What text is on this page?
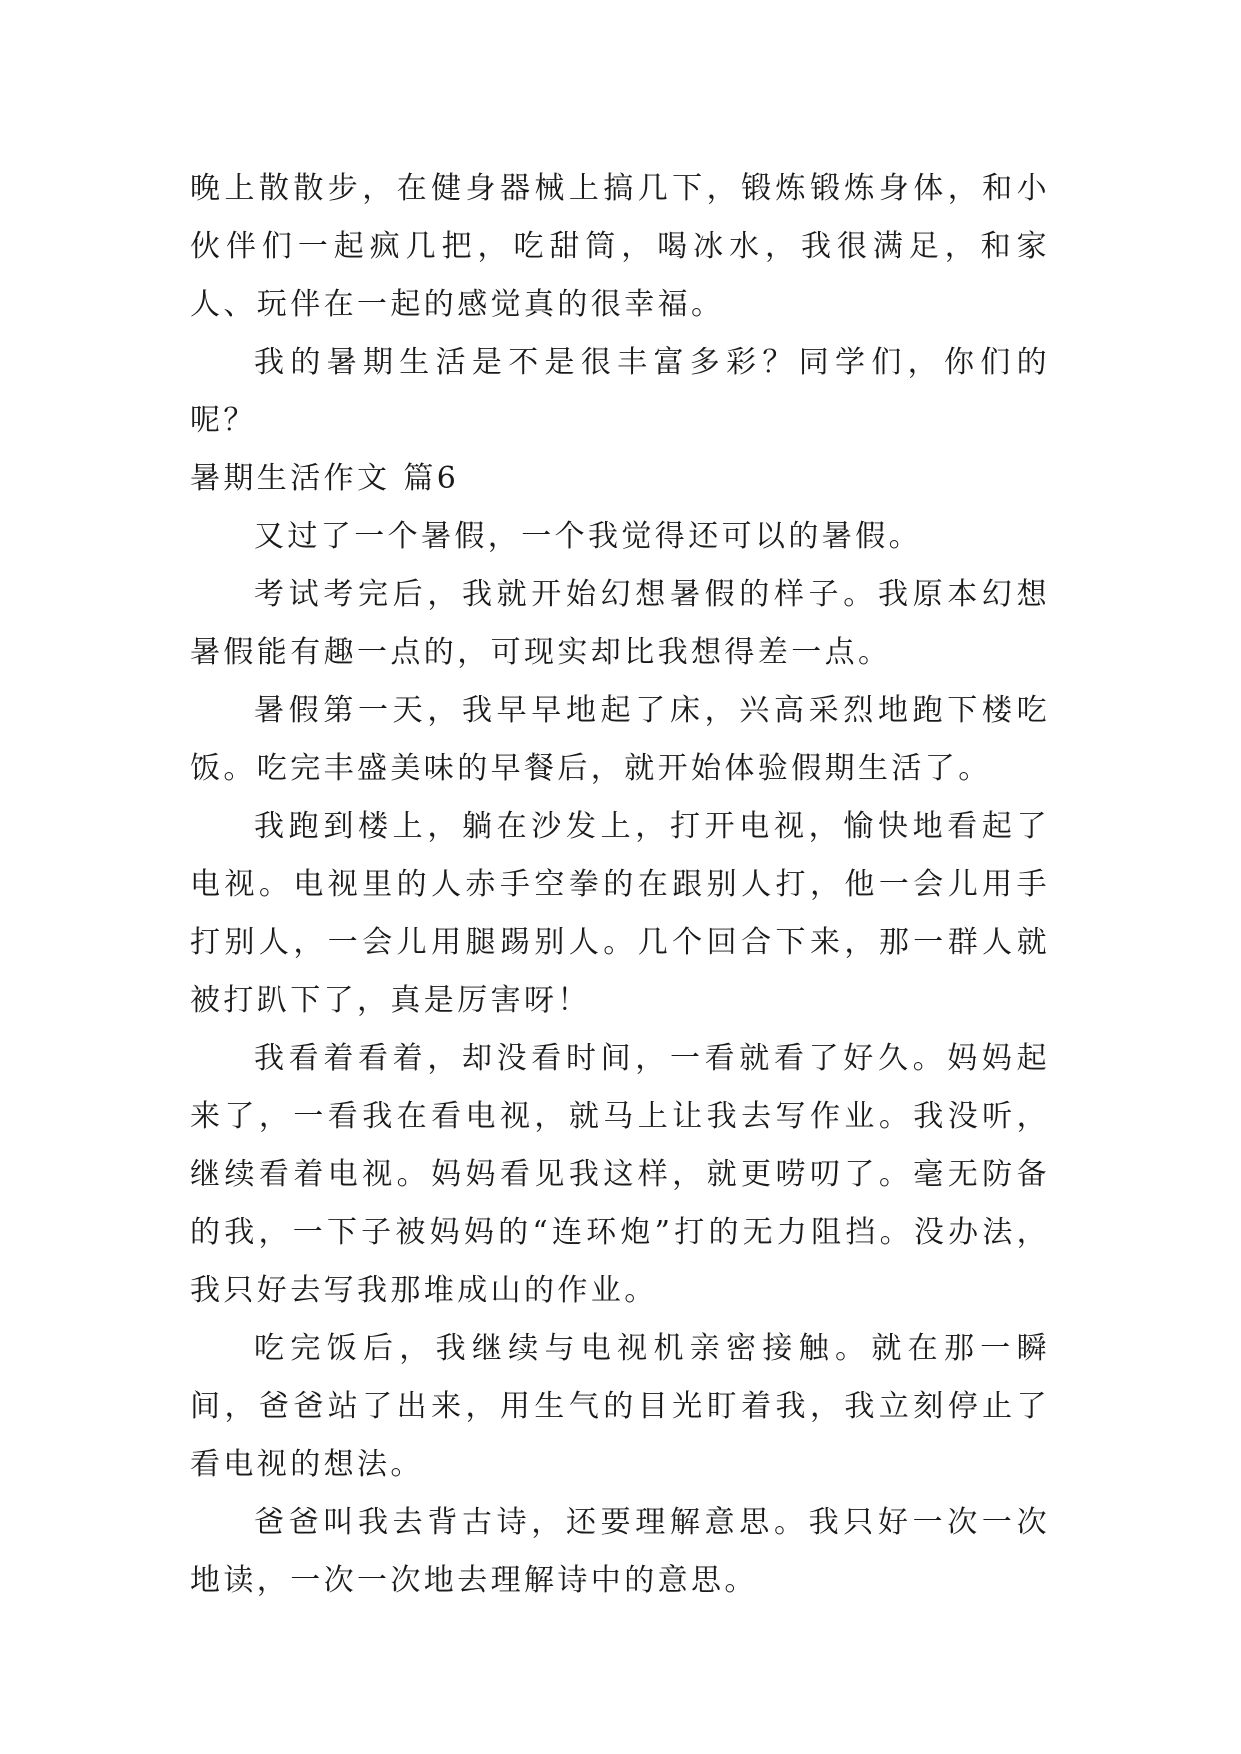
晚上散散步，在健身器械上搞几下，锻炼锻炼身体，和小伙伴们一起疯几把，吃甜筒，喝冰水，我很满足，和家人、玩伴在一起的感觉真的很幸福。

我的暑期生活是不是很丰富多彩？同学们，你们的呢？

暑期生活作文 篇6

又过了一个暑假，一个我觉得还可以的暑假。

考试考完后，我就开始幻想暑假的样子。我原本幻想暑假能有趣一点的，可现实却比我想得差一点。

暑假第一天，我早早地起了床，兴高采烈地跑下楼吃饭。吃完丰盛美味的早餐后，就开始体验假期生活了。

我跑到楼上，躺在沙发上，打开电视，愉快地看起了电视。电视里的人赤手空拳的在跟别人打，他一会儿用手打别人，一会儿用腿踢别人。几个回合下来，那一群人就被打趴下了，真是厉害呀！

我看着看着，却没看时间，一看就看了好久。妈妈起来了，一看我在看电视，就马上让我去写作业。我没听，继续看着电视。妈妈看见我这样，就更唠叨了。毫无防备的我，一下子被妈妈的“连环炮”打的无力阻挡。没办法，我只好去写我那堆成山的作业。

吃完饭后，我继续与电视机亲密接触。就在那一瞬间，爸爸站了出来，用生气的目光盯着我，我立刻停止了看电视的想法。

爸爸叫我去背古诗，还要理解意思。我只好一次一次地读，一次一次地去理解诗中的意思。
